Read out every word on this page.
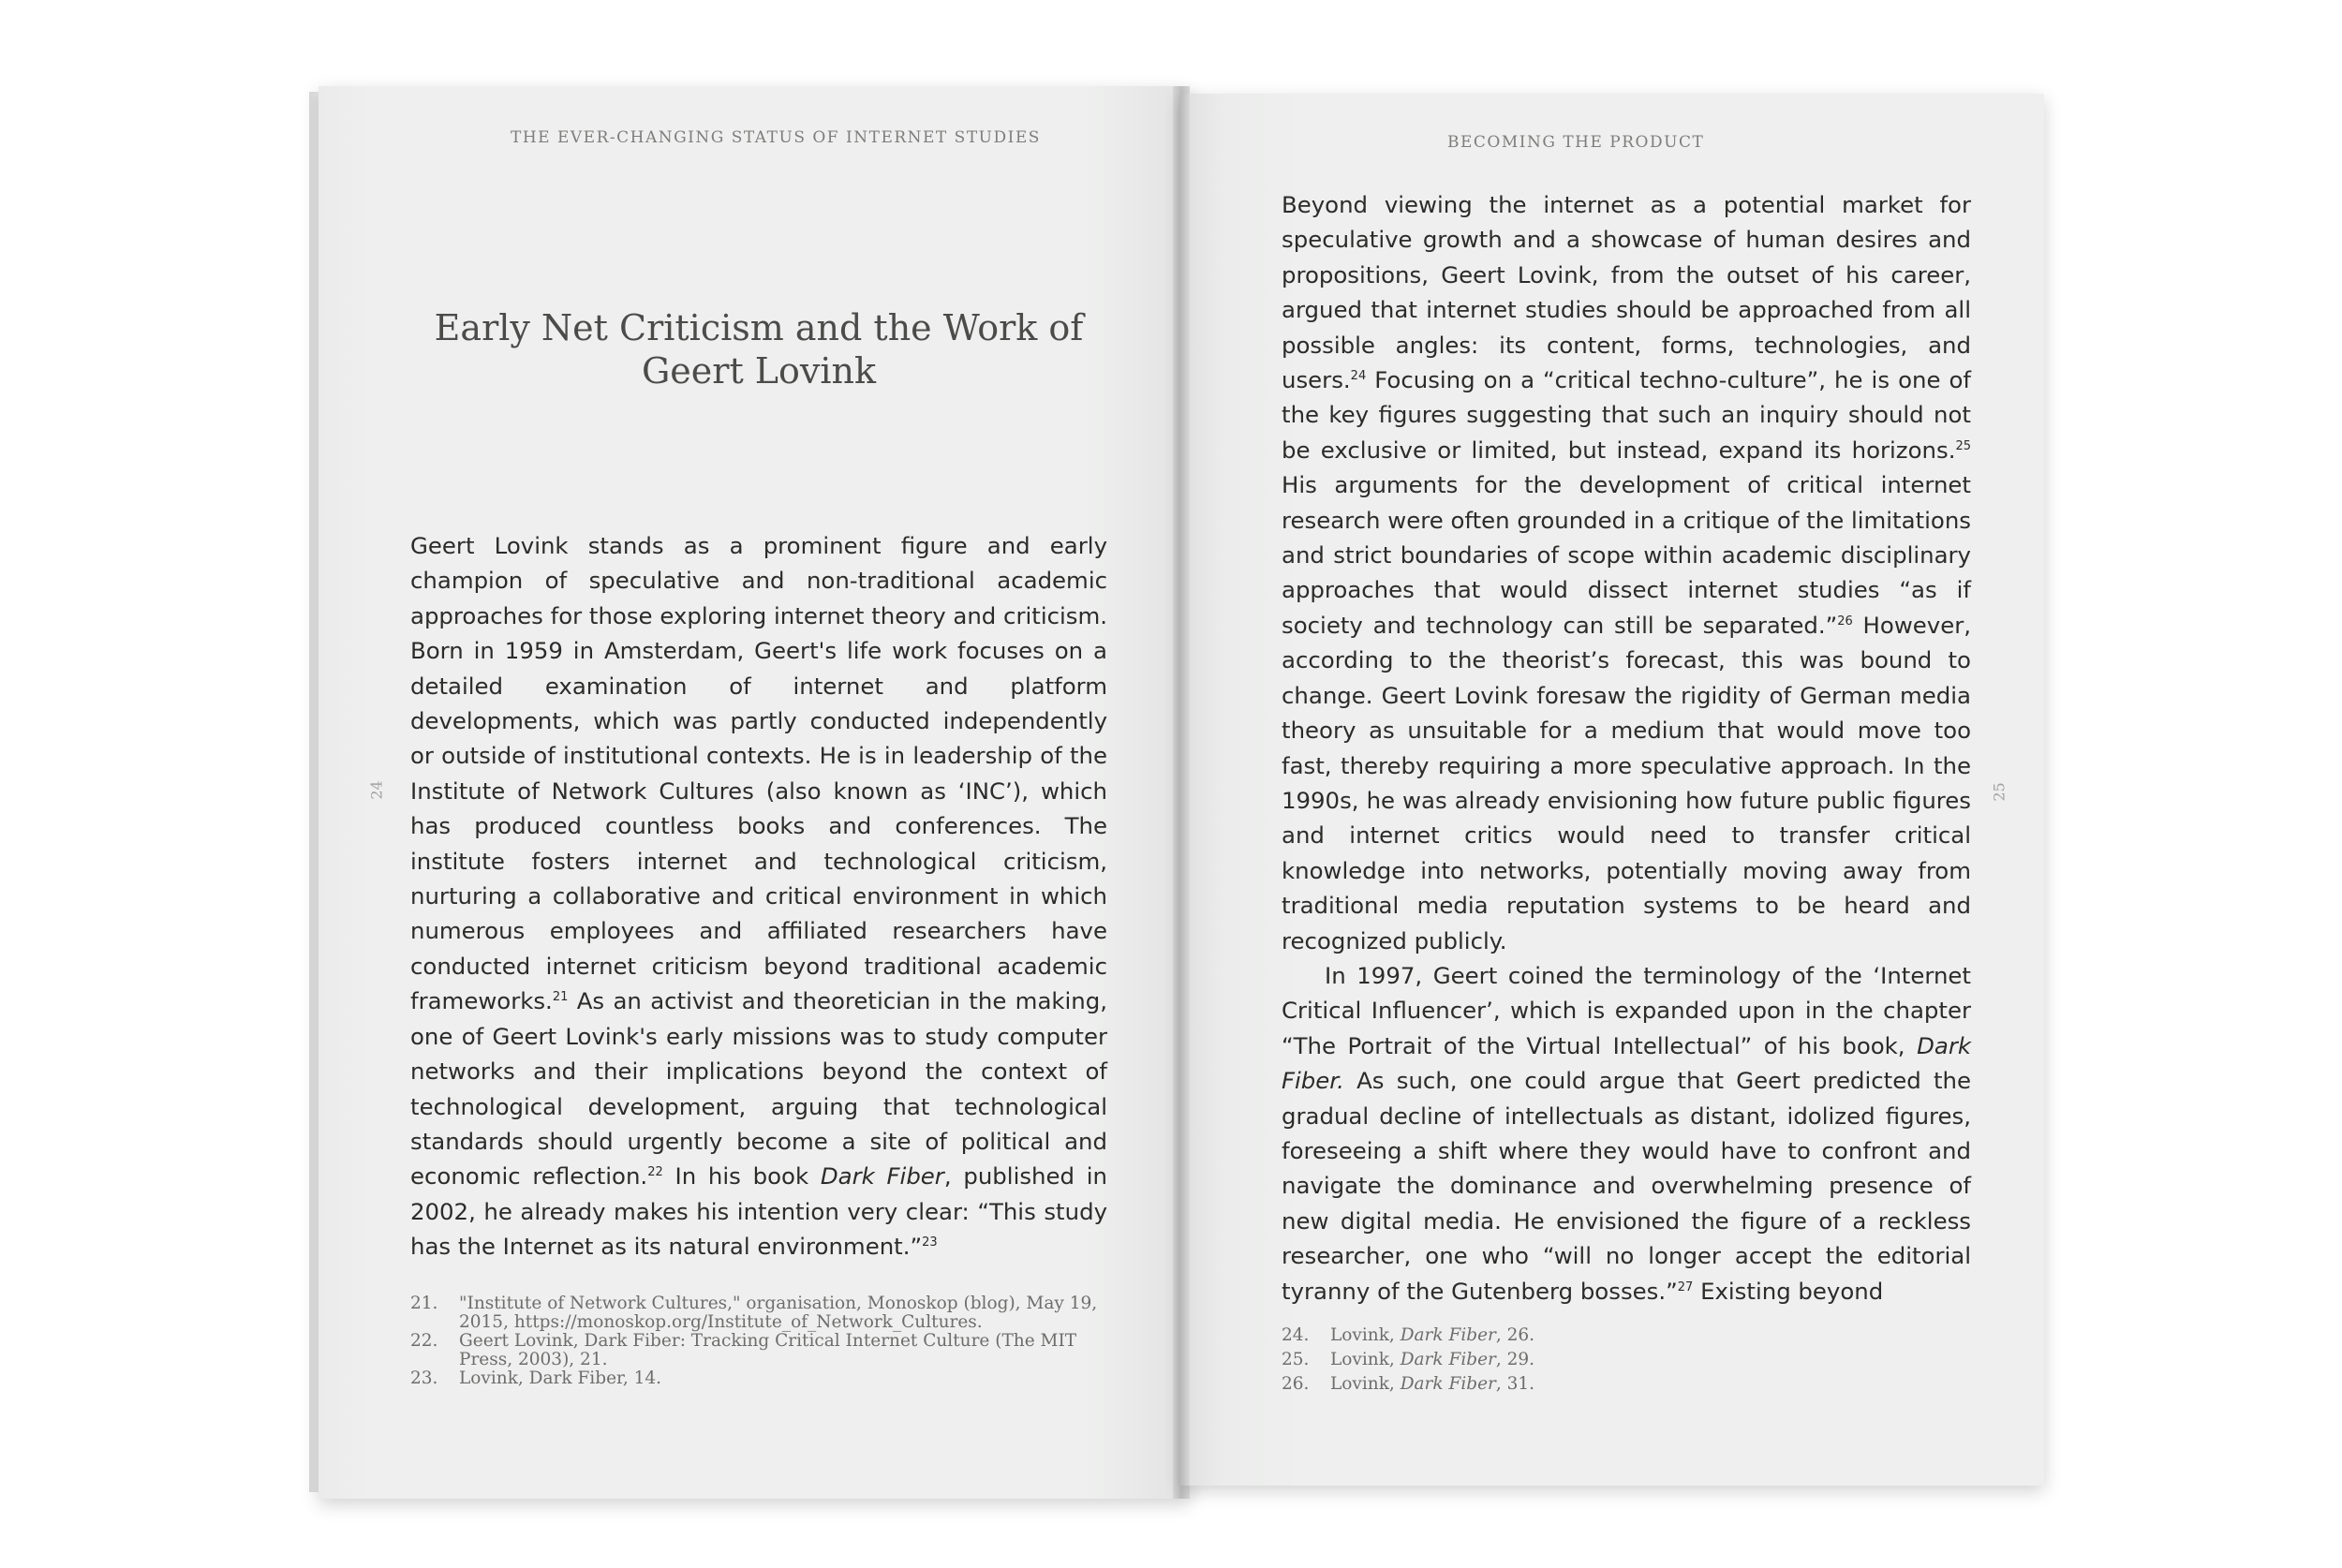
THE EVER-CHANGING STATUS OF INTERNET STUDIES
24
Early Net Criticism and the Work of Geert Lovink

Geert Lovink stands as a prominent figure and early champion of speculative and non-traditional academic approaches for those exploring internet theory and criticism. Born in 1959 in Amsterdam, Geert's life work focuses on a detailed examination of internet and platform developments, which was partly conducted independently or outside of institutional contexts. He is in leadership of the Institute of Network Cultures (also known as ‘INC’), which has produced countless books and conferences. The institute fosters internet and technological criticism, nurturing a collaborative and critical environment in which numerous employees and affiliated researchers have conducted internet criticism beyond traditional academic frameworks.$^{21}$ As an activist and theoretician in the making, one of Geert Lovink's early missions was to study computer networks and their implications beyond the context of technological development, arguing that technological standards should urgently become a site of political and economic reflection.$^{22}$ In his book Dark Fiber, published in 2002, he already makes his intention very clear: “This study has the Internet as its natural environment.”$^{23}$

21.	"Institute of Network Cultures," organisation, Monoskop (blog), May 19, 2015, https://monoskop.org/Institute_of_Network_Cultures.
22.	Geert Lovink, Dark Fiber: Tracking Critical Internet Culture (The MIT Press, 2003), 21.
23.	Lovink, Dark Fiber, 14.
BECOMING THE PRODUCT
25

Beyond viewing the internet as a potential market for speculative growth and a showcase of human desires and propositions, Geert Lovink, from the outset of his career, argued that internet studies should be approached from all possible angles: its content, forms, technologies, and users.$^{24}$ Focusing on a “critical techno-culture”, he is one of the key figures suggesting that such an inquiry should not be exclusive or limited, but instead, expand its horizons.$^{25}$ His arguments for the development of critical internet research were often grounded in a critique of the limitations and strict boundaries of scope within academic disciplinary approaches that would dissect internet studies “as if society and technology can still be separated.”$^{26}$ However, according to the theorist’s forecast, this was bound to change. Geert Lovink foresaw the rigidity of German media theory as unsuitable for a medium that would move too fast, thereby requiring a more speculative approach. In the 1990s, he was already envisioning how future public figures and internet critics would need to transfer critical knowledge into networks, potentially moving away from traditional media reputation systems to be heard and recognized publicly.

In 1997, Geert coined the terminology of the ‘Internet Critical Influencer’, which is expanded upon in the chapter “The Portrait of the Virtual Intellectual” of his book, Dark Fiber. As such, one could argue that Geert predicted the gradual decline of intellectuals as distant, idolized figures, foreseeing a shift where they would have to confront and navigate the dominance and overwhelming presence of new digital media. He envisioned the figure of a reckless researcher, one who “will no longer accept the editorial tyranny of the Gutenberg bosses.”$^{27}$ Existing beyond

24.	Lovink, Dark Fiber, 26.
25.	Lovink, Dark Fiber, 29.
26.	Lovink, Dark Fiber, 31.
